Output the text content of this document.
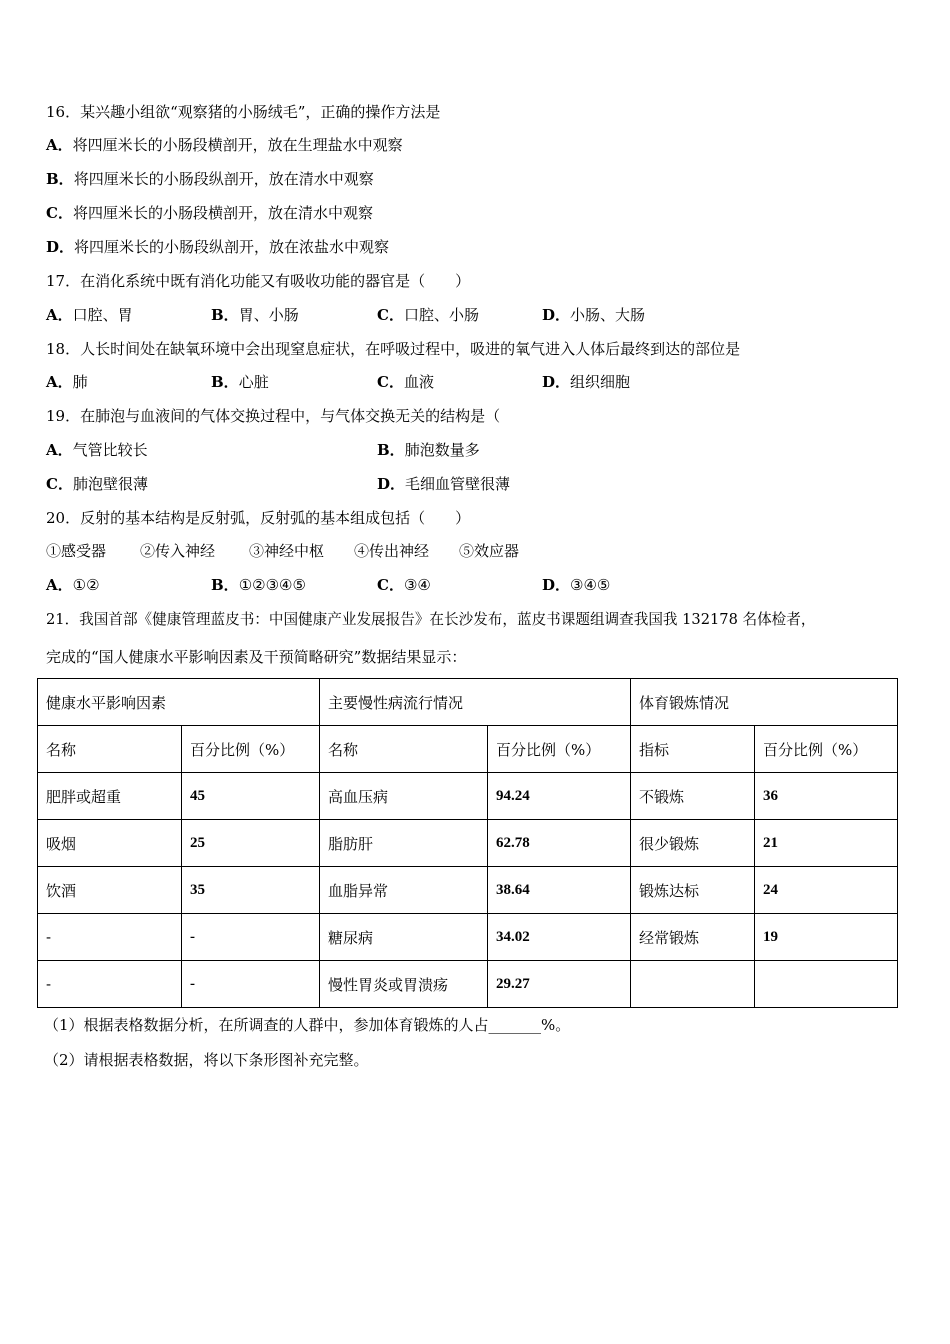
16．某兴趣小组欲“观察猪的小肠绒毛”，正确的操作方法是
A．将四厘米长的小肠段横剖开，放在生理盐水中观察
B．将四厘米长的小肠段纵剖开，放在清水中观察
C．将四厘米长的小肠段横剖开，放在清水中观察
D．将四厘米长的小肠段纵剖开，放在浓盐水中观察
17．在消化系统中既有消化功能又有吸收功能的器官是（　　）
A．口腔、胃	B．胃、小肠	C．口腔、小肠	D．小肠、大肠
18．人长时间处在缺氧环境中会出现窒息症状，在呼吸过程中，吸进的氧气进入人体后最终到达的部位是
A．肺	B．心脏	C．血液	D．组织细胞
19．在肺泡与血液间的气体交换过程中，与气体交换无关的结构是（
A．气管比较长	B．肺泡数量多
C．肺泡壁很薄	D．毛细血管壁很薄
20．反射的基本结构是反射弧，反射弧的基本组成包括（　　）
①感受器 ②传入神经 ③神经中枢 ④传出神经 ⑤效应器
A．①②	B．①②③④⑤	C．③④	D．③④⑤
21．我国首部《健康管理蓝皮书：中国健康产业发展报告》在长沙发布，蓝皮书课题组调查我国我 132178 名体检者，
完成的“国人健康水平影响因素及干预简略研究”数据结果显示：
健康水平影响因素		主要慢性病流行情况		体育锻炼情况	
名称	百分比例（%）	名称	百分比例（%）	指标	百分比例（%）
肥胖或超重	45	高血压病	94.24	不锻炼	36
吸烟	25	脂肪肝	62.78	很少锻炼	21
饮酒	35	血脂异常	38.64	锻炼达标	24
-	-	糖尿病	34.02	经常锻炼	19
-	-	慢性胃炎或胃溃疡	29.27		
（1）根据表格数据分析，在所调查的人群中，参加体育锻炼的人占_______%。
（2）请根据表格数据，将以下条形图补充完整。
